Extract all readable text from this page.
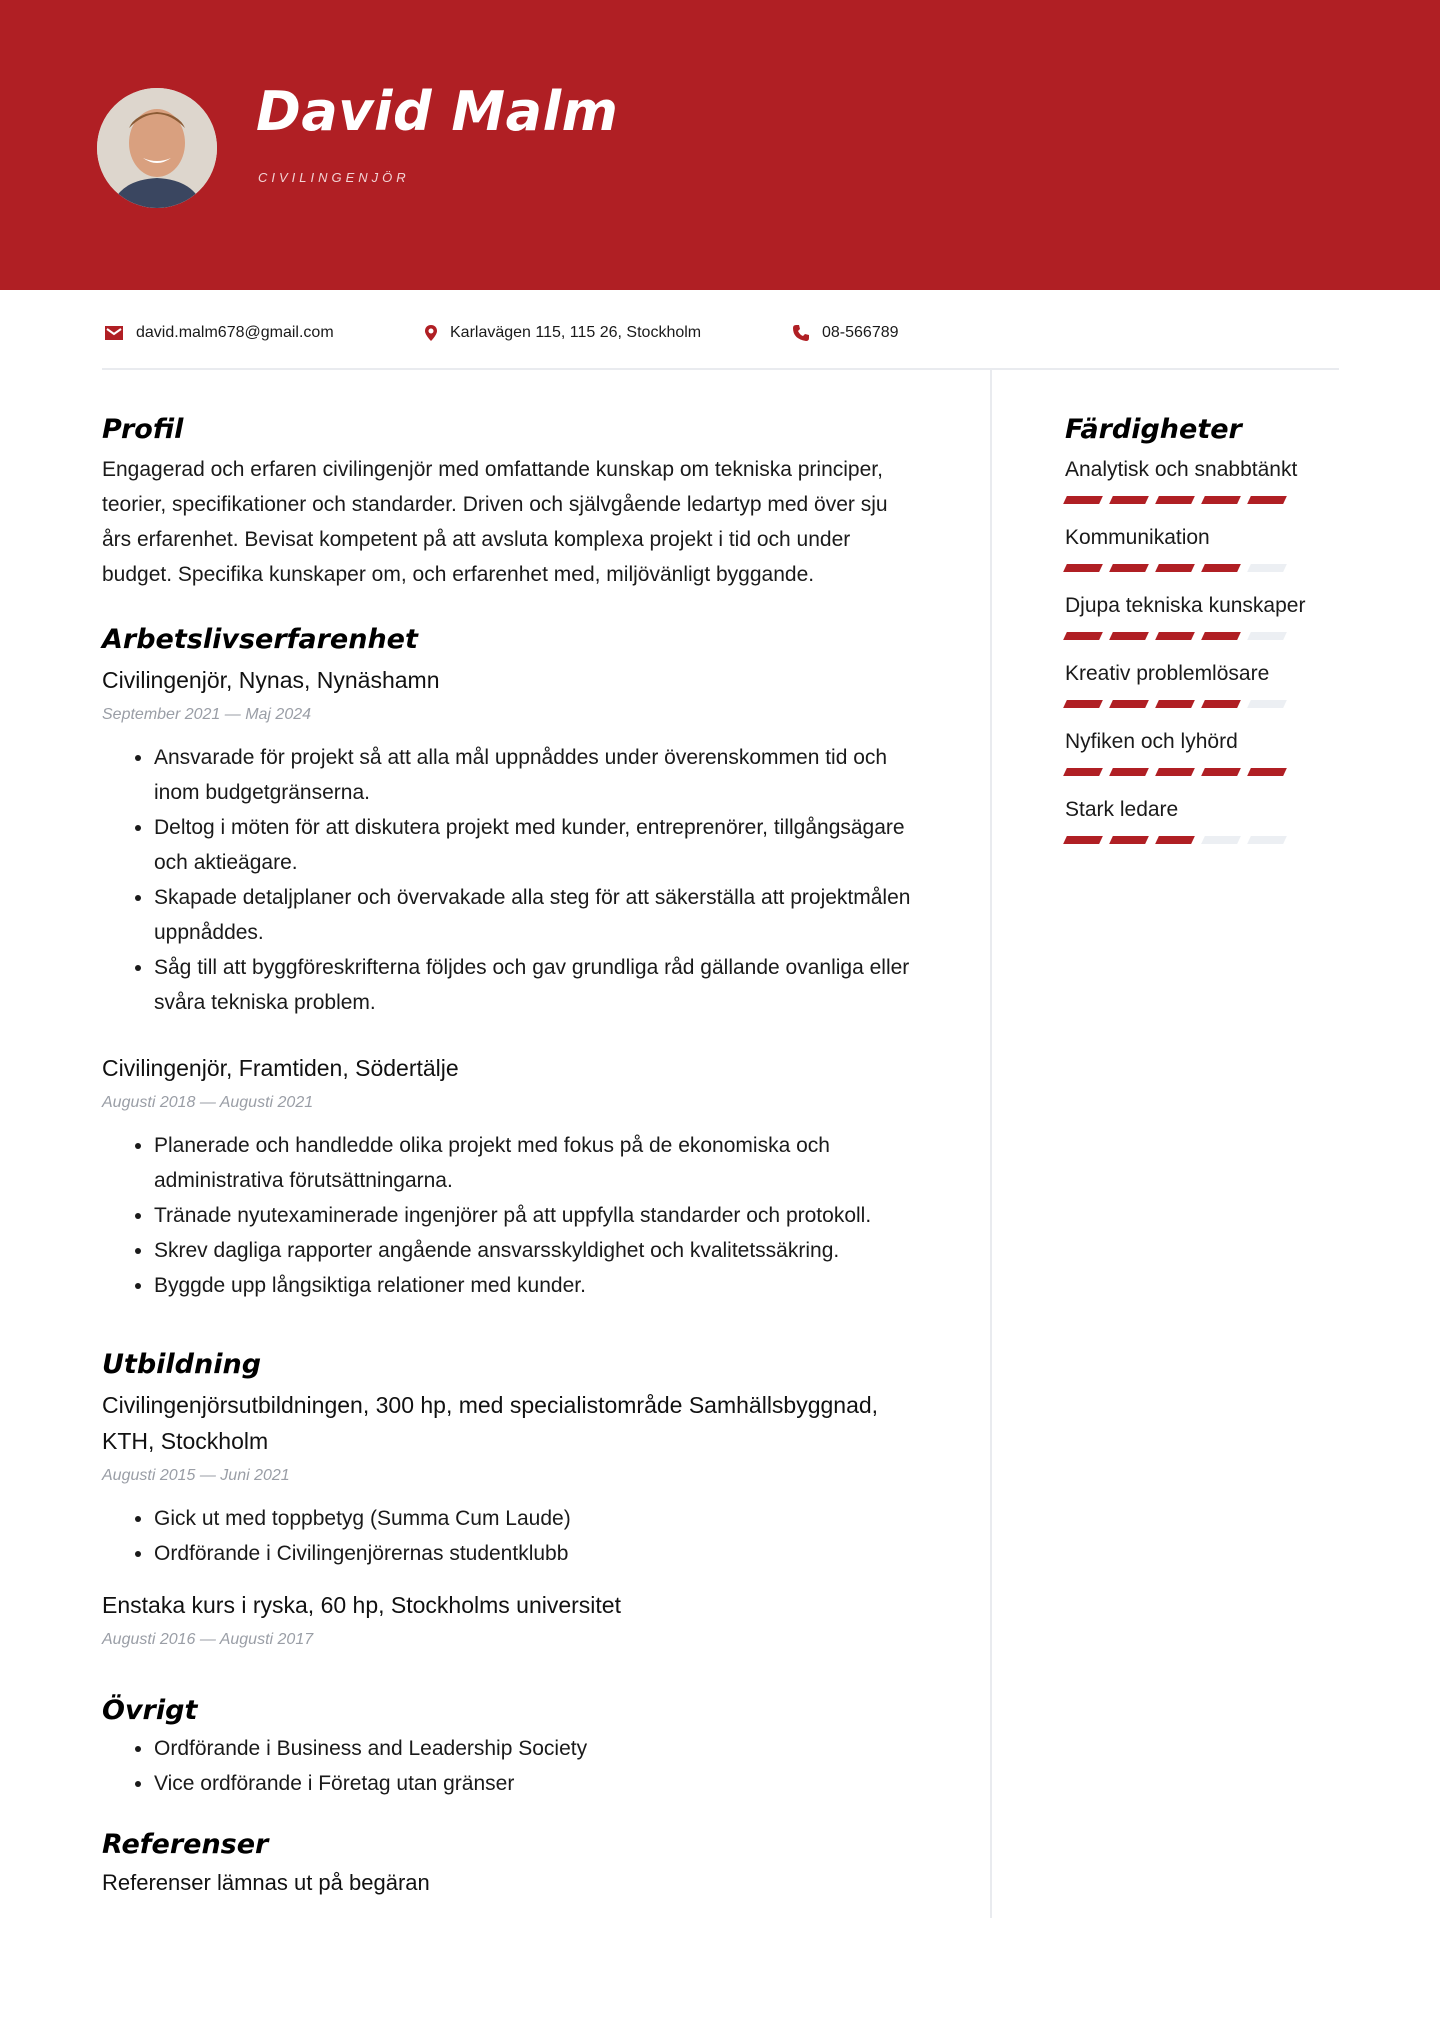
David Malm
CIVILINGENJÖR
david.malm678@gmail.com	Karlavägen 115, 115 26, Stockholm	08-566789
Profil
Engagerad och erfaren civilingenjör med omfattande kunskap om tekniska principer,
teorier, specifikationer och standarder. Driven och självgående ledartyp med över sju
års erfarenhet. Bevisat kompetent på att avsluta komplexa projekt i tid och under
budget. Specifika kunskaper om, och erfarenhet med, miljövänligt byggande.
Arbetslivserfarenhet
Civilingenjör, Nynas, Nynäshamn
September 2021 — Maj 2024
• Ansvarade för projekt så att alla mål uppnåddes under överenskommen tid och
inom budgetgränserna.
• Deltog i möten för att diskutera projekt med kunder, entreprenörer, tillgångsägare
och aktieägare.
• Skapade detaljplaner och övervakade alla steg för att säkerställa att projektmålen
uppnåddes.
• Såg till att byggföreskrifterna följdes och gav grundliga råd gällande ovanliga eller
svåra tekniska problem.
Civilingenjör, Framtiden, Södertälje
Augusti 2018 — Augusti 2021
• Planerade och handledde olika projekt med fokus på de ekonomiska och
administrativa förutsättningarna.
• Tränade nyutexaminerade ingenjörer på att uppfylla standarder och protokoll.
• Skrev dagliga rapporter angående ansvarsskyldighet och kvalitetssäkring.
• Byggde upp långsiktiga relationer med kunder.
Utbildning
Civilingenjörsutbildningen, 300 hp, med specialistområde Samhällsbyggnad,
KTH, Stockholm
Augusti 2015 — Juni 2021
• Gick ut med toppbetyg (Summa Cum Laude)
• Ordförande i Civilingenjörernas studentklubb
Enstaka kurs i ryska, 60 hp, Stockholms universitet
Augusti 2016 — Augusti 2017
Övrigt
• Ordförande i Business and Leadership Society
• Vice ordförande i Företag utan gränser
Referenser
Referenser lämnas ut på begäran
Färdigheter
Analytisk och snabbtänkt
Kommunikation
Djupa tekniska kunskaper
Kreativ problemlösare
Nyfiken och lyhörd
Stark ledare
